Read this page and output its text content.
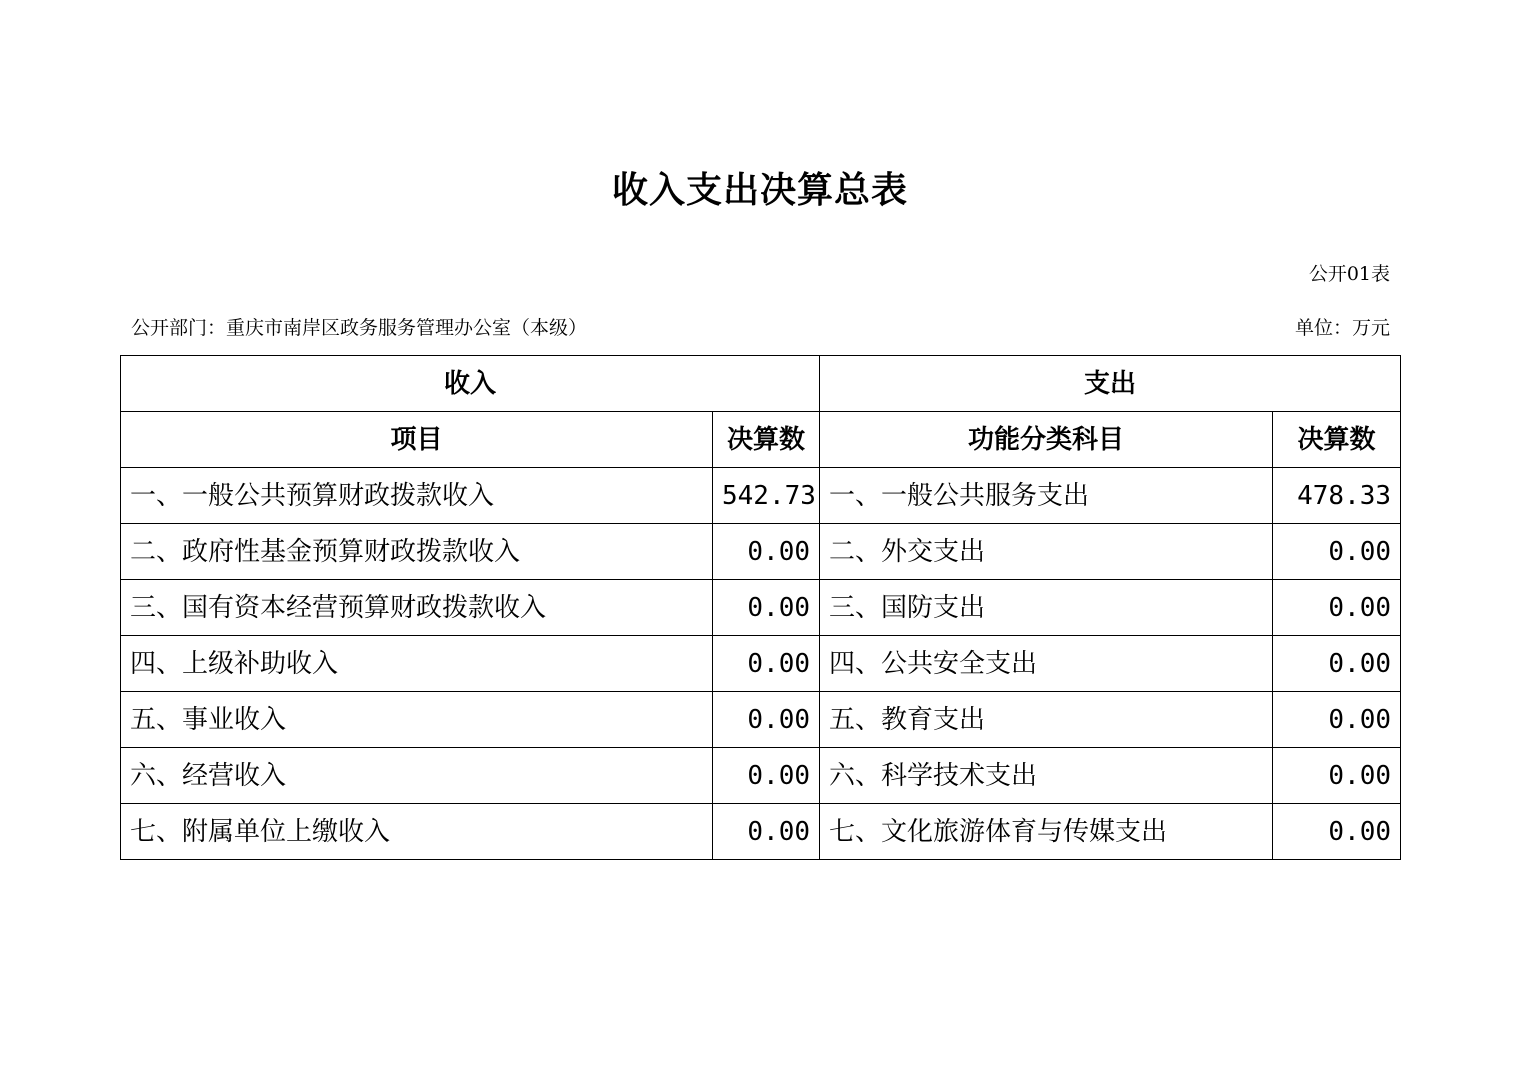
收入支出决算总表
公开01表
公开部门：重庆市南岸区政务服务管理办公室（本级）	单位：万元
收入		支出	
项目	决算数	功能分类科目	决算数
一、一般公共预算财政拨款收入	542.73	一、一般公共服务支出	478.33
二、政府性基金预算财政拨款收入	0.00	二、外交支出	0.00
三、国有资本经营预算财政拨款收入	0.00	三、国防支出	0.00
四、上级补助收入	0.00	四、公共安全支出	0.00
五、事业收入	0.00	五、教育支出	0.00
六、经营收入	0.00	六、科学技术支出	0.00
七、附属单位上缴收入	0.00	七、文化旅游体育与传媒支出	0.00
